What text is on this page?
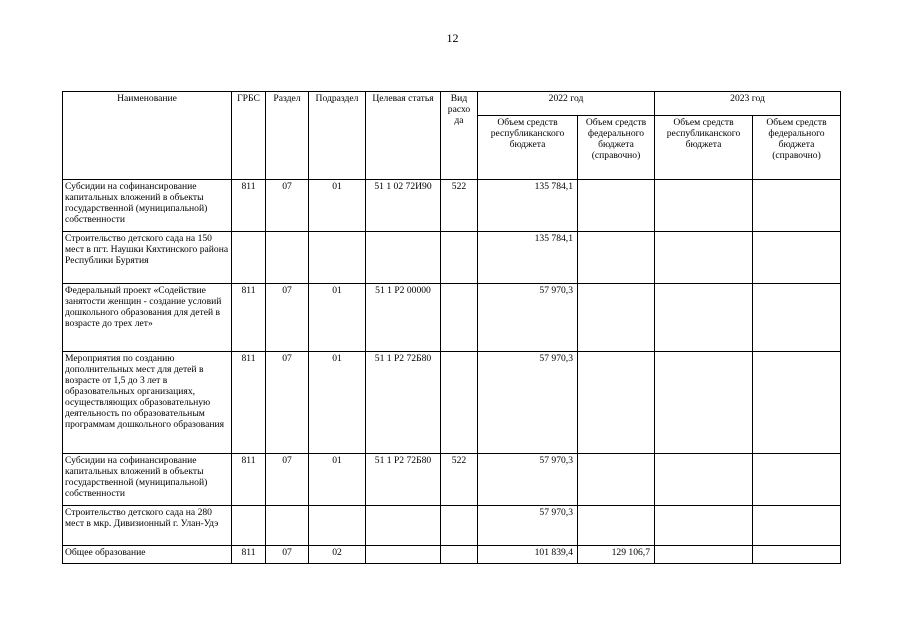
12
Наименование	ГРБС	Раздел	Подраздел	Целевая статья	Вид расхо да	2022 год		2023 год	
						Объем средств республиканского бюджета	Объем средств федерального бюджета (справочно)	Объем средств республиканского бюджета	Объем средств федерального бюджета (справочно)
Субсидии на софинансирование капитальных вложений в объекты государственной (муниципальной) собственности	811	07	01	51 1 02 72И90	522	135 784,1			
Строительство детского сада на 150 мест в пгт. Наушки Кяхтинского района Республики Бурятия						135 784,1			
Федеральный проект «Содействие занятости женщин - создание условий дошкольного образования для детей в возрасте до трех лет»	811	07	01	51 1 Р2 00000		57 970,3			
Мероприятия по созданию дополнительных мест для детей в возрасте от 1,5 до 3 лет в образовательных организациях, осуществляющих образовательную деятельность по образовательным программам дошкольного образования	811	07	01	51 1 Р2 72Б80		57 970,3			
Субсидии на софинансирование капитальных вложений в объекты государственной (муниципальной) собственности	811	07	01	51 1 Р2 72Б80	522	57 970,3			
Строительство детского сада на 280 мест в мкр. Дивизионный г. Улан-Удэ						57 970,3			
Общее образование	811	07	02			101 839,4	129 106,7		
